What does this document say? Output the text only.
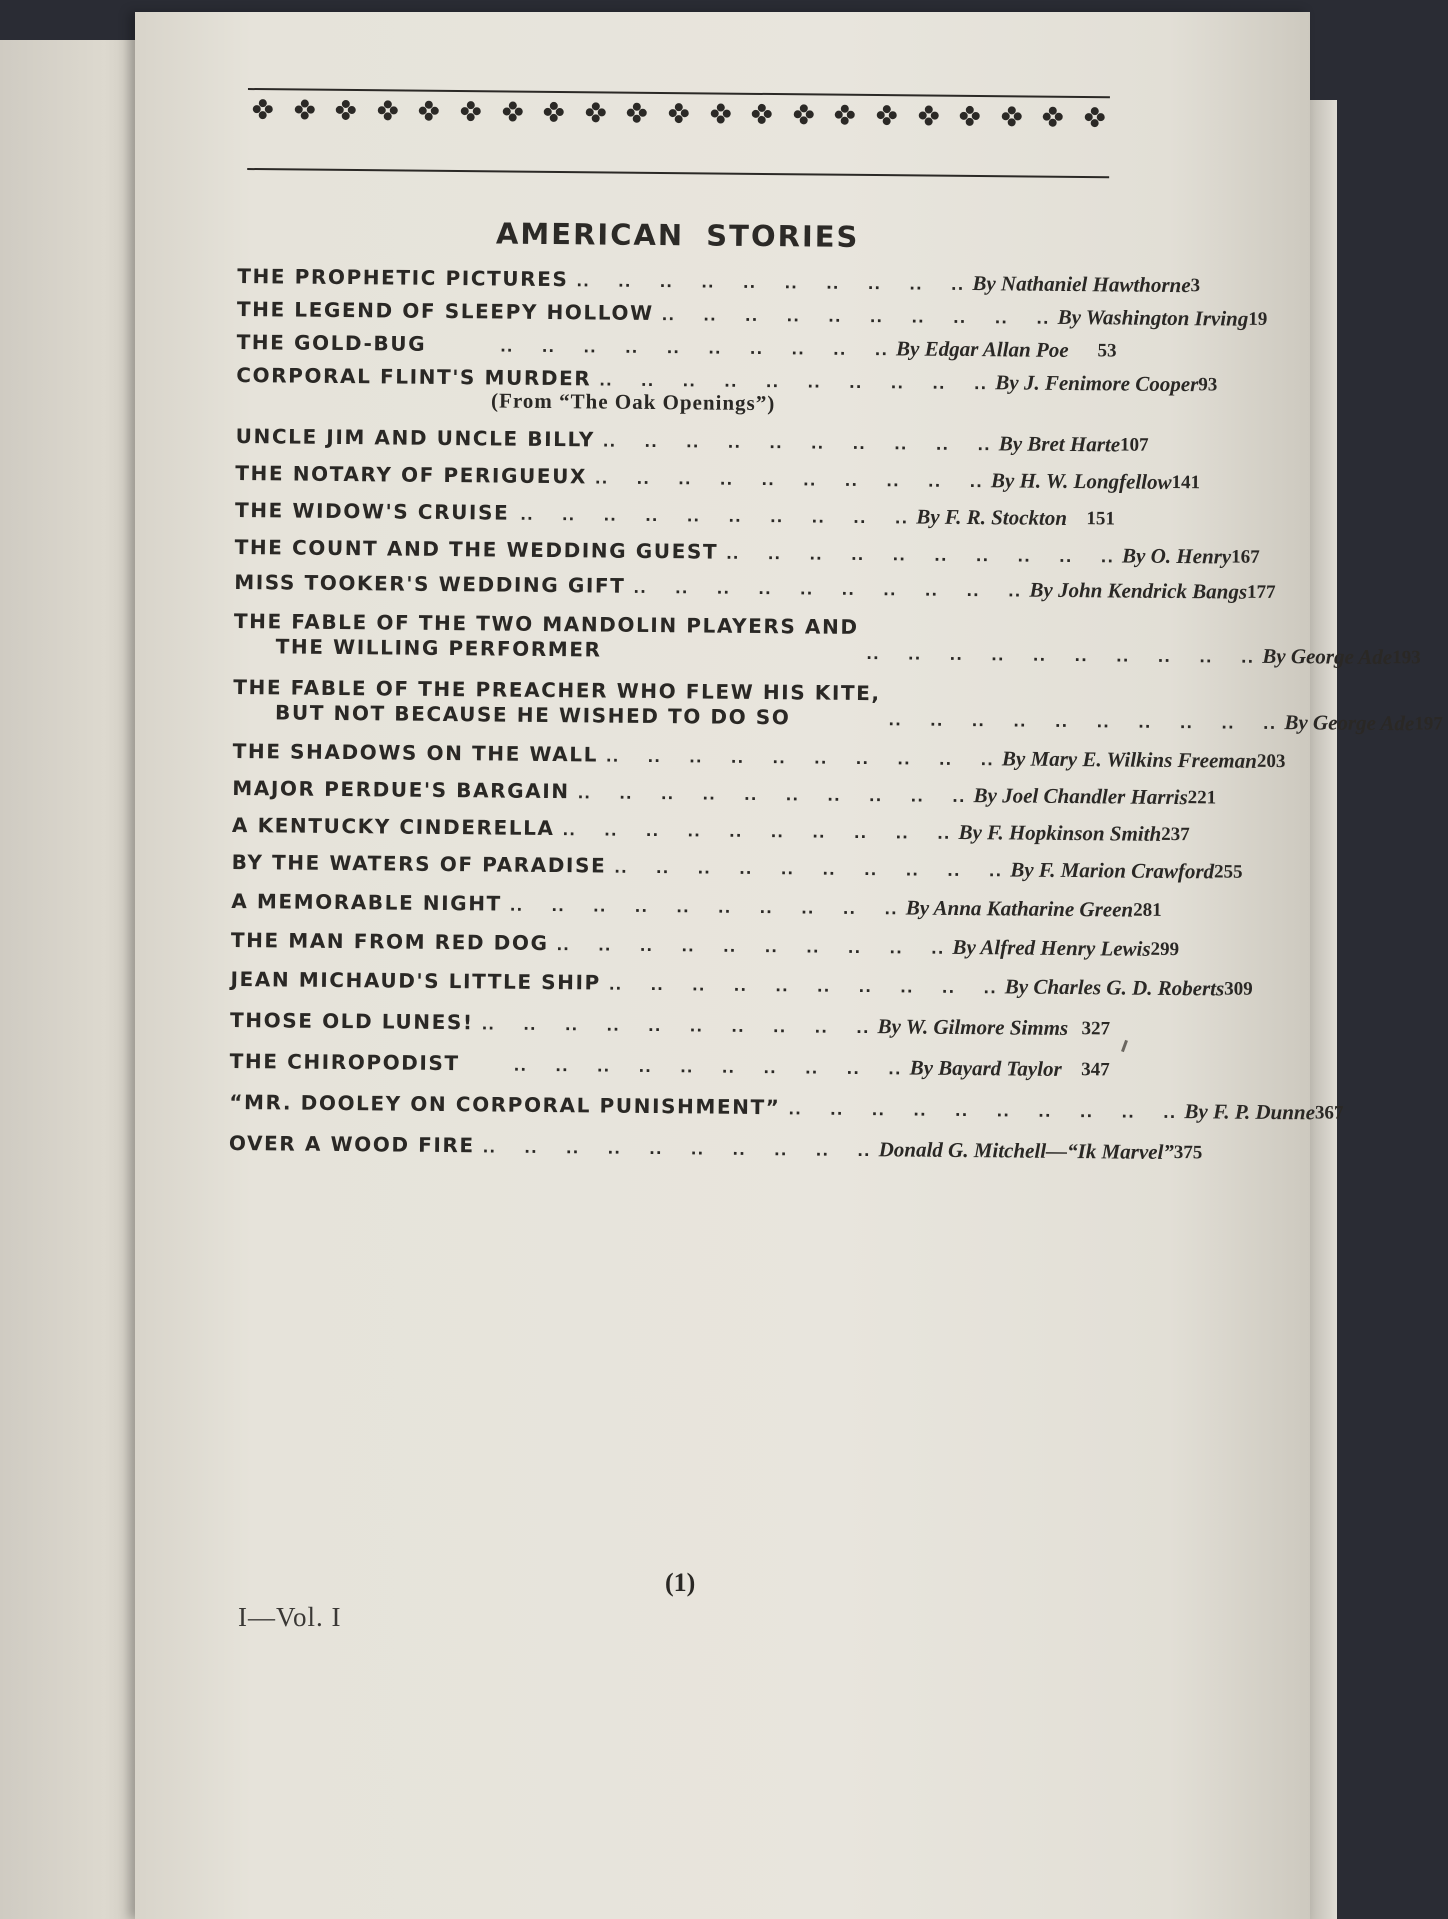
AMERICAN STORIES
THE PROPHETIC PICTURES .. .. .. .. .. .. .. .. .. .. By Nathaniel Hawthorne 3
THE LEGEND OF SLEEPY HOLLOW .. .. .. .. .. .. .. .. .. .. By Washington Irving 19
THE GOLD-BUG	.. .. .. .. .. .. .. .. .. .. By Edgar Allan Poe	53
CORPORAL FLINT'S MURDER .. .. .. .. .. .. .. .. .. .. By J. Fenimore Cooper 93
(From “The Oak Openings”)
UNCLE JIM AND UNCLE BILLY .. .. .. .. .. .. .. .. .. .. By Bret Harte 107
THE NOTARY OF PERIGUEUX .. .. .. .. .. .. .. .. .. .. By H. W. Longfellow 141
THE WIDOW'S CRUISE .. .. .. .. .. .. .. .. .. .. By F. R. Stockton	151
THE COUNT AND THE WEDDING GUEST .. .. .. .. .. .. .. .. .. .. By O. Henry 167
MISS TOOKER'S WEDDING GIFT .. .. .. .. .. .. .. .. .. .. By John Kendrick Bangs 177
THE FABLE OF THE TWO MANDOLIN PLAYERS AND
THE WILLING PERFORMER	.. .. .. .. .. .. .. .. .. .. By George Ade 193
THE FABLE OF THE PREACHER WHO FLEW HIS KITE,
BUT NOT BECAUSE HE WISHED TO DO SO	.. .. .. .. .. .. .. .. .. .. By George Ade 197
THE SHADOWS ON THE WALL .. .. .. .. .. .. .. .. .. .. By Mary E. Wilkins Freeman 203
MAJOR PERDUE'S BARGAIN .. .. .. .. .. .. .. .. .. .. By Joel Chandler Harris 221
A KENTUCKY CINDERELLA .. .. .. .. .. .. .. .. .. .. By F. Hopkinson Smith 237
BY THE WATERS OF PARADISE .. .. .. .. .. .. .. .. .. .. By F. Marion Crawford 255
A MEMORABLE NIGHT .. .. .. .. .. .. .. .. .. .. By Anna Katharine Green 281
THE MAN FROM RED DOG .. .. .. .. .. .. .. .. .. .. By Alfred Henry Lewis 299
JEAN MICHAUD'S LITTLE SHIP .. .. .. .. .. .. .. .. .. .. By Charles G. D. Roberts 309
THOSE OLD LUNES! .. .. .. .. .. .. .. .. .. .. By W. Gilmore Simms 327
THE CHIROPODIST	.. .. .. .. .. .. .. .. .. .. By Bayard Taylor	347
“MR. DOOLEY ON CORPORAL PUNISHMENT” .. .. .. .. .. .. .. .. .. .. By F. P. Dunne 367
OVER A WOOD FIRE .. .. .. .. .. .. .. .. .. .. Donald G. Mitchell—“Ik Marvel” 375
(1)
I—Vol. I
